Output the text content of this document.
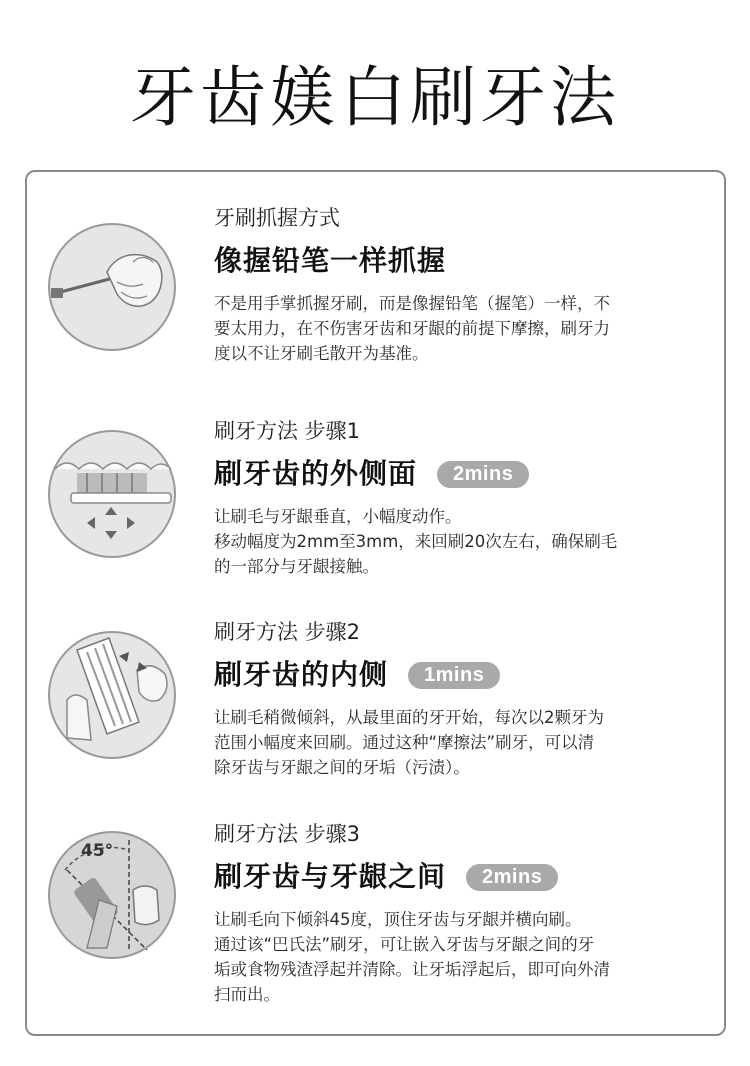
牙齿媄白刷牙法

牙刷抓握方式

像握铅笔一样抓握
不是用手掌抓握牙刷，而是像握铅笔（握笔）一样，不
要太用力，在不伤害牙齿和牙龈的前提下摩擦，刷牙力
度以不让牙刷毛散开为基准。

刷牙方法 步骤1

刷牙齿的外侧面	2mins
让刷毛与牙龈垂直，小幅度动作。
移动幅度为2mm至3mm，来回刷20次左右，确保刷毛
的一部分与牙龈接触。

刷牙方法 步骤2

刷牙齿的内侧	1mins
让刷毛稍微倾斜，从最里面的牙开始，每次以2颗牙为
范围小幅度来回刷。通过这种“摩擦法”刷牙，可以清
除牙齿与牙龈之间的牙垢（污渍）。
45°

刷牙方法 步骤3

刷牙齿与牙龈之间	2mins
让刷毛向下倾斜45度，顶住牙齿与牙龈并横向刷。
通过该“巴氏法”刷牙，可让嵌入牙齿与牙龈之间的牙
垢或食物残渣浮起并清除。让牙垢浮起后，即可向外清
扫而出。
